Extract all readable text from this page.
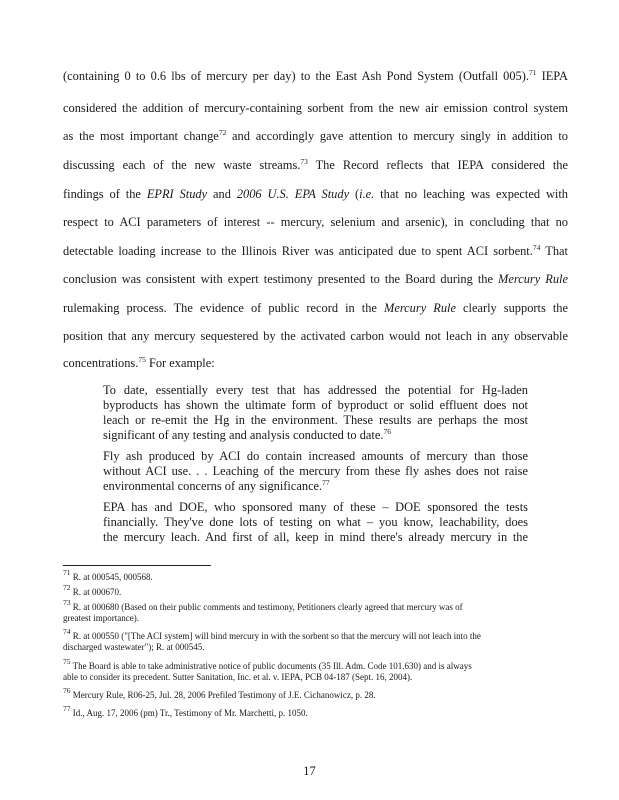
(containing 0 to 0.6 lbs of mercury per day) to the East Ash Pond System (Outfall 005).$^{71}$ IEPA
considered the addition of mercury-containing sorbent from the new air emission control system
as the most important change$^{72}$ and accordingly gave attention to mercury singly in addition to
discussing each of the new waste streams.$^{73}$ The Record reflects that IEPA considered the
findings of the EPRI Study and 2006 U.S. EPA Study (i.e. that no leaching was expected with
respect to ACI parameters of interest -- mercury, selenium and arsenic), in concluding that no
detectable loading increase to the Illinois River was anticipated due to spent ACI sorbent.$^{74}$ That
conclusion was consistent with expert testimony presented to the Board during the Mercury Rule
rulemaking process. The evidence of public record in the Mercury Rule clearly supports the
position that any mercury sequestered by the activated carbon would not leach in any observable
concentrations.$^{75}$ For example:
To date, essentially every test that has addressed the potential for Hg-laden
byproducts has shown the ultimate form of byproduct or solid effluent does not
leach or re-emit the Hg in the environment. These results are perhaps the most
significant of any testing and analysis conducted to date.$^{76}$
Fly ash produced by ACI do contain increased amounts of mercury than those
without ACI use. . . Leaching of the mercury from these fly ashes does not raise
environmental concerns of any significance.$^{77}$
EPA has and DOE, who sponsored many of these – DOE sponsored the tests
financially. They've done lots of testing on what – you know, leachability, does
the mercury leach. And first of all, keep in mind there's already mercury in the
$^{71}$ R. at 000545, 000568.
$^{72}$ R. at 000670.
$^{73}$ R. at 000680 (Based on their public comments and testimony, Petitioners clearly agreed that mercury was of
greatest importance).
$^{74}$ R. at 000550 ("[The ACI system] will bind mercury in with the sorbent so that the mercury will not leach into the
discharged wastewater"); R. at 000545.
$^{75}$ The Board is able to take administrative notice of public documents (35 Ill. Adm. Code 101.630) and is always
able to consider its precedent. Sutter Sanitation, Inc. et al. v. IEPA, PCB 04-187 (Sept. 16, 2004).
$^{76}$ Mercury Rule, R06-25, Jul. 28, 2006 Prefiled Testimony of J.E. Cichanowicz, p. 28.
$^{77}$ Id., Aug. 17, 2006 (pm) Tr., Testimony of Mr. Marchetti, p. 1050.
17
